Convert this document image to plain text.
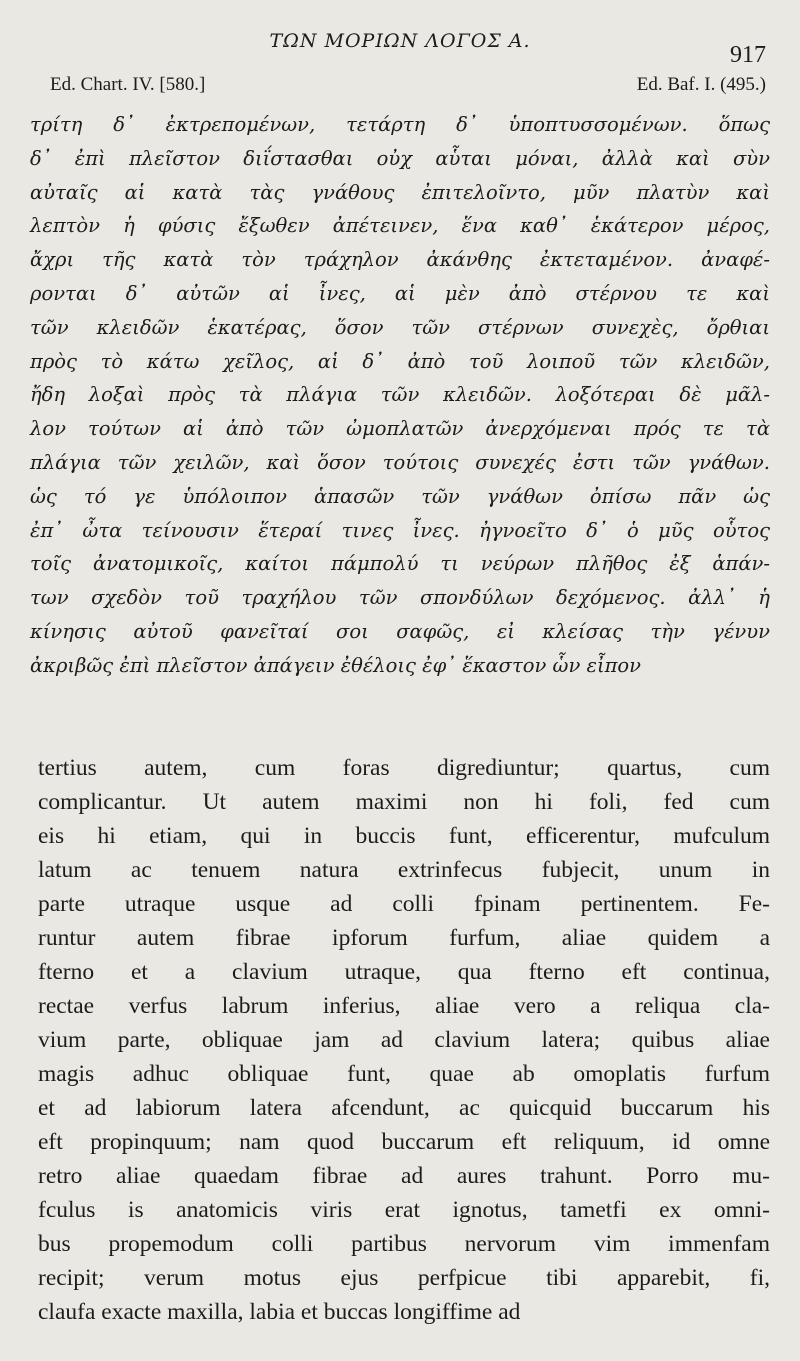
ΤΩΝ ΜΟΡΙΩΝ ΛΟΓΟΣ Α.
917
Ed. Chart. IV. [580.]	Ed. Baf. I. (495.)
τρίτη δ᾽ ἐκτρεπομένων, τετάρτη δ᾽ ὑποπτυσσομένων. ὅπως
δ᾽ ἐπὶ πλεῖστον διΐστασθαι οὐχ αὗται μόναι, ἀλλὰ καὶ σὺν
αὐταῖς αἱ κατὰ τὰς γνάθους ἐπιτελοῖντο, μῦν πλατὺν καὶ
λεπτὸν ἡ φύσις ἔξωθεν ἀπέτεινεν, ἕνα καθ᾽ ἑκάτερον μέρος,
ἄχρι τῆς κατὰ τὸν τράχηλον ἀκάνθης ἐκτεταμένον. ἀναφέ-
ρονται δ᾽ αὐτῶν αἱ ἶνες, αἱ μὲν ἀπὸ στέρνου τε καὶ
τῶν κλειδῶν ἑκατέρας, ὅσον τῶν στέρνων συνεχὲς, ὄρθιαι
πρὸς τὸ κάτω χεῖλος, αἱ δ᾽ ἀπὸ τοῦ λοιποῦ τῶν κλειδῶν,
ἤδη λοξαὶ πρὸς τὰ πλάγια τῶν κλειδῶν. λοξότεραι δὲ μᾶλ-
λον τούτων αἱ ἀπὸ τῶν ὠμοπλατῶν ἀνερχόμεναι πρός τε τὰ
πλάγια τῶν χειλῶν, καὶ ὅσον τούτοις συνεχές ἐστι τῶν γνάθων.
ὡς τό γε ὑπόλοιπον ἁπασῶν τῶν γνάθων ὀπίσω πᾶν ὡς
ἐπ᾽ ὦτα τείνουσιν ἕτεραί τινες ἶνες. ἠγνοεῖτο δ᾽ ὁ μῦς οὗτος
τοῖς ἀνατομικοῖς, καίτοι πάμπολύ τι νεύρων πλῆθος ἐξ ἁπάν-
των σχεδὸν τοῦ τραχήλου τῶν σπονδύλων δεχόμενος. ἀλλ᾽ ἡ
κίνησις αὐτοῦ φανεῖταί σοι σαφῶς, εἰ κλείσας τὴν γένυν
ἀκριβῶς ἐπὶ πλεῖστον ἀπάγειν ἐθέλοις ἐφ᾽ ἕκαστον ὧν εἶπον
tertius autem, cum foras digrediuntur; quartus, cum
complicantur. Ut autem maximi non hi foli, fed cum
eis hi etiam, qui in buccis funt, efficerentur, mufculum
latum ac tenuem natura extrinfecus fubjecit, unum in
parte utraque usque ad colli fpinam pertinentem. Fe-
runtur autem fibrae ipforum furfum, aliae quidem a
fterno et a clavium utraque, qua fterno eft continua,
rectae verfus labrum inferius, aliae vero a reliqua cla-
vium parte, obliquae jam ad clavium latera; quibus aliae
magis adhuc obliquae funt, quae ab omoplatis furfum
et ad labiorum latera afcendunt, ac quicquid buccarum his
eft propinquum; nam quod buccarum eft reliquum, id omne
retro aliae quaedam fibrae ad aures trahunt. Porro mu-
fculus is anatomicis viris erat ignotus, tametfi ex omni-
bus propemodum colli partibus nervorum vim immenfam
recipit; verum motus ejus perfpicue tibi apparebit, fi,
claufa exacte maxilla, labia et buccas longiffime ad
